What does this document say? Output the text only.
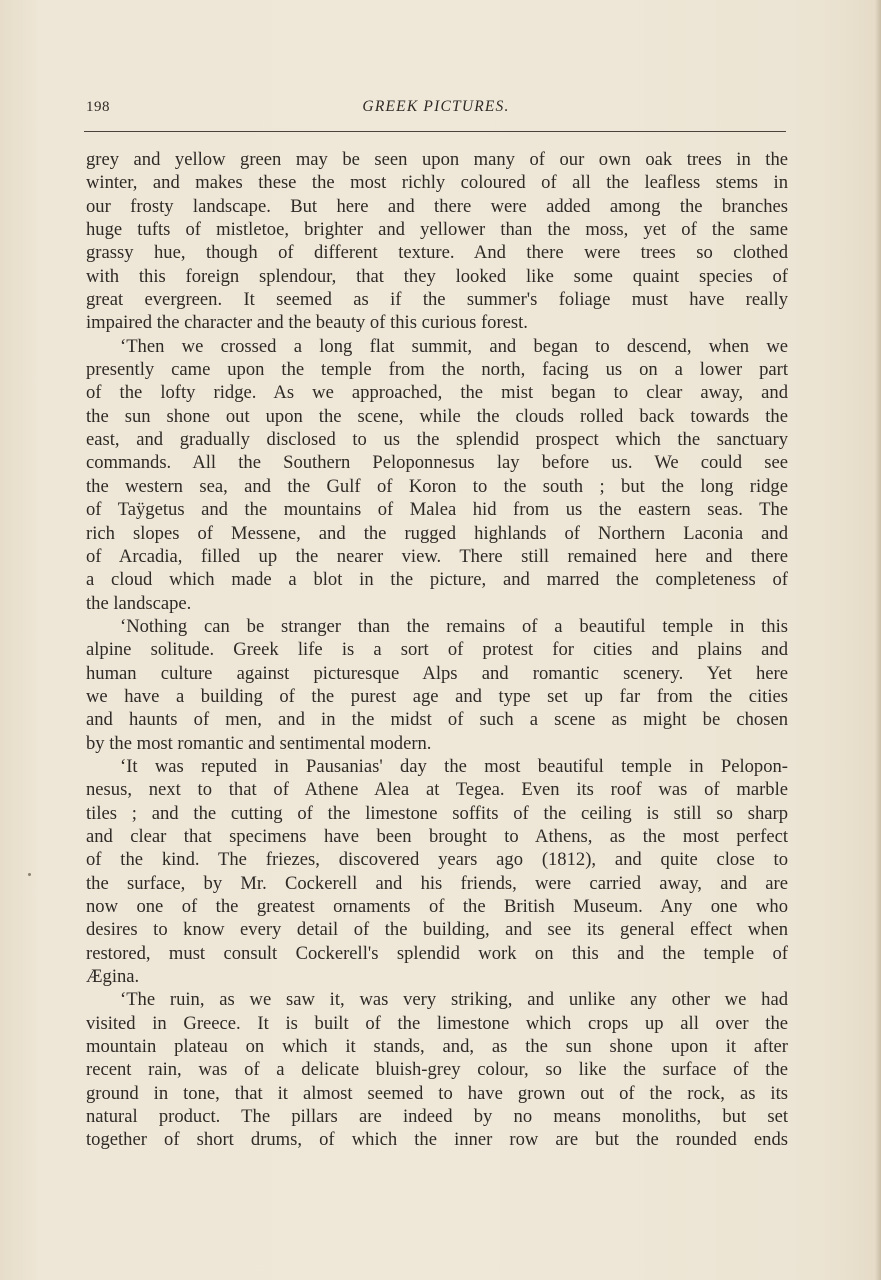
198	GREEK PICTURES.
grey and yellow green may be seen upon many of our own oak trees in the
winter, and makes these the most richly coloured of all the leafless stems in
our frosty landscape. But here and there were added among the branches
huge tufts of mistletoe, brighter and yellower than the moss, yet of the same
grassy hue, though of different texture. And there were trees so clothed
with this foreign splendour, that they looked like some quaint species of
great evergreen. It seemed as if the summer's foliage must have really
impaired the character and the beauty of this curious forest.
‘Then we crossed a long flat summit, and began to descend, when we
presently came upon the temple from the north, facing us on a lower part
of the lofty ridge. As we approached, the mist began to clear away, and
the sun shone out upon the scene, while the clouds rolled back towards the
east, and gradually disclosed to us the splendid prospect which the sanctuary
commands. All the Southern Peloponnesus lay before us. We could see
the western sea, and the Gulf of Koron to the south ; but the long ridge
of Taÿgetus and the mountains of Malea hid from us the eastern seas. The
rich slopes of Messene, and the rugged highlands of Northern Laconia and
of Arcadia, filled up the nearer view. There still remained here and there
a cloud which made a blot in the picture, and marred the completeness of
the landscape.
‘Nothing can be stranger than the remains of a beautiful temple in this
alpine solitude. Greek life is a sort of protest for cities and plains and
human culture against picturesque Alps and romantic scenery. Yet here
we have a building of the purest age and type set up far from the cities
and haunts of men, and in the midst of such a scene as might be chosen
by the most romantic and sentimental modern.
‘It was reputed in Pausanias' day the most beautiful temple in Pelopon-
nesus, next to that of Athene Alea at Tegea. Even its roof was of marble
tiles ; and the cutting of the limestone soffits of the ceiling is still so sharp
and clear that specimens have been brought to Athens, as the most perfect
of the kind. The friezes, discovered years ago (1812), and quite close to
the surface, by Mr. Cockerell and his friends, were carried away, and are
now one of the greatest ornaments of the British Museum. Any one who
desires to know every detail of the building, and see its general effect when
restored, must consult Cockerell's splendid work on this and the temple of
Ægina.
‘The ruin, as we saw it, was very striking, and unlike any other we had
visited in Greece. It is built of the limestone which crops up all over the
mountain plateau on which it stands, and, as the sun shone upon it after
recent rain, was of a delicate bluish-grey colour, so like the surface of the
ground in tone, that it almost seemed to have grown out of the rock, as its
natural product. The pillars are indeed by no means monoliths, but set
together of short drums, of which the inner row are but the rounded ends
